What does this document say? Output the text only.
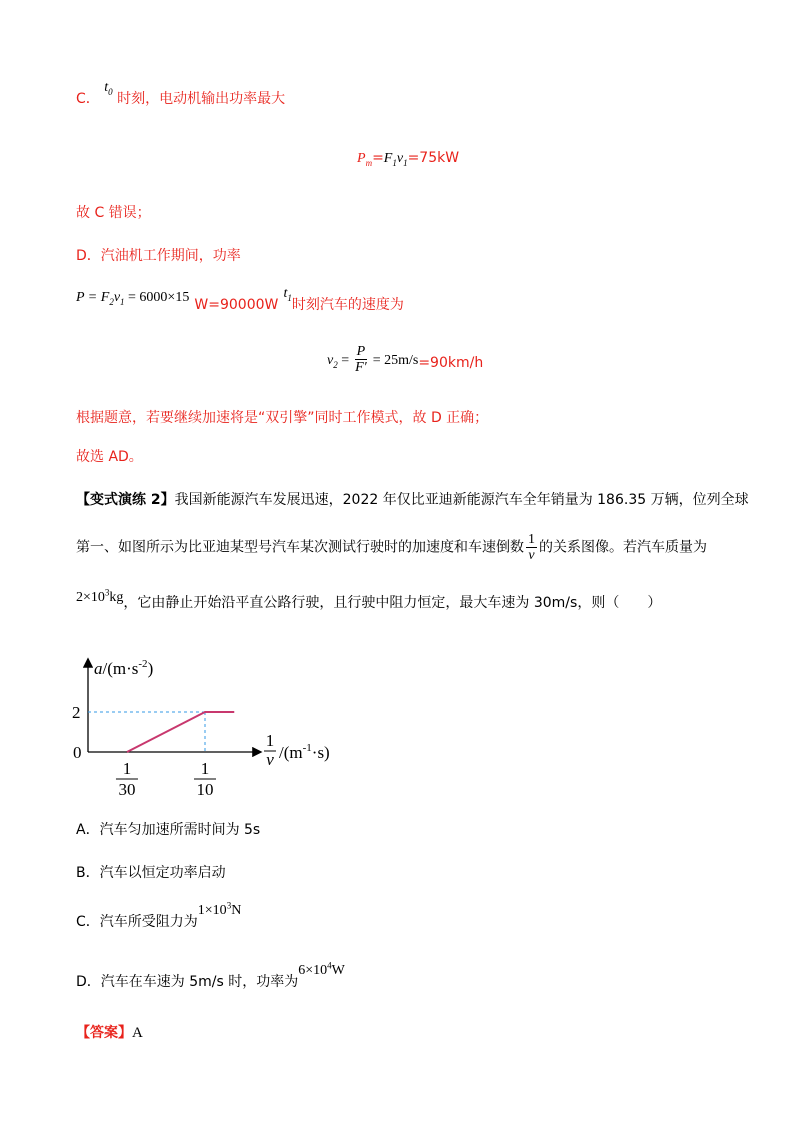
C． $t_0$ 时刻，电动机输出功率最大
$P_m=F_1v_1=75kW$
故 C 错误；
D．汽油机工作期间，功率
$P = F_2v_1 = 6000\times 15$ W=90000W $t_1$时刻汽车的速度为
$v_2 = \frac{P}{F'} = 25m/s=90km/h$
根据题意，若要继续加速将是“双引擎”同时工作模式，故 D 正确；
故选 AD。
【变式演练 2】我国新能源汽车发展迅速，2022 年仅比亚迪新能源汽车全年销量为 186.35 万辆，位列全球
第一、如图所示为比亚迪某型号汽车某次测试行驶时的加速度和车速倒数 $\frac{1}{v}$ 的关系图像。若汽车质量为
$2\times 10^3kg$，它由静止开始沿平直公路行驶，且行驶中阻力恒定，最大车速为 30m/s，则（　　）
$a/(m\cdot s^{-2})$
0
2
1
30
1
10
1
v $/(m^{-1}\cdot s)$
A．汽车匀加速所需时间为 5s
B．汽车以恒定功率启动
C．汽车所受阻力为$1\times 10^3N$
D．汽车在车速为 5m/s 时，功率为$6\times 10^4W$
【答案】A
